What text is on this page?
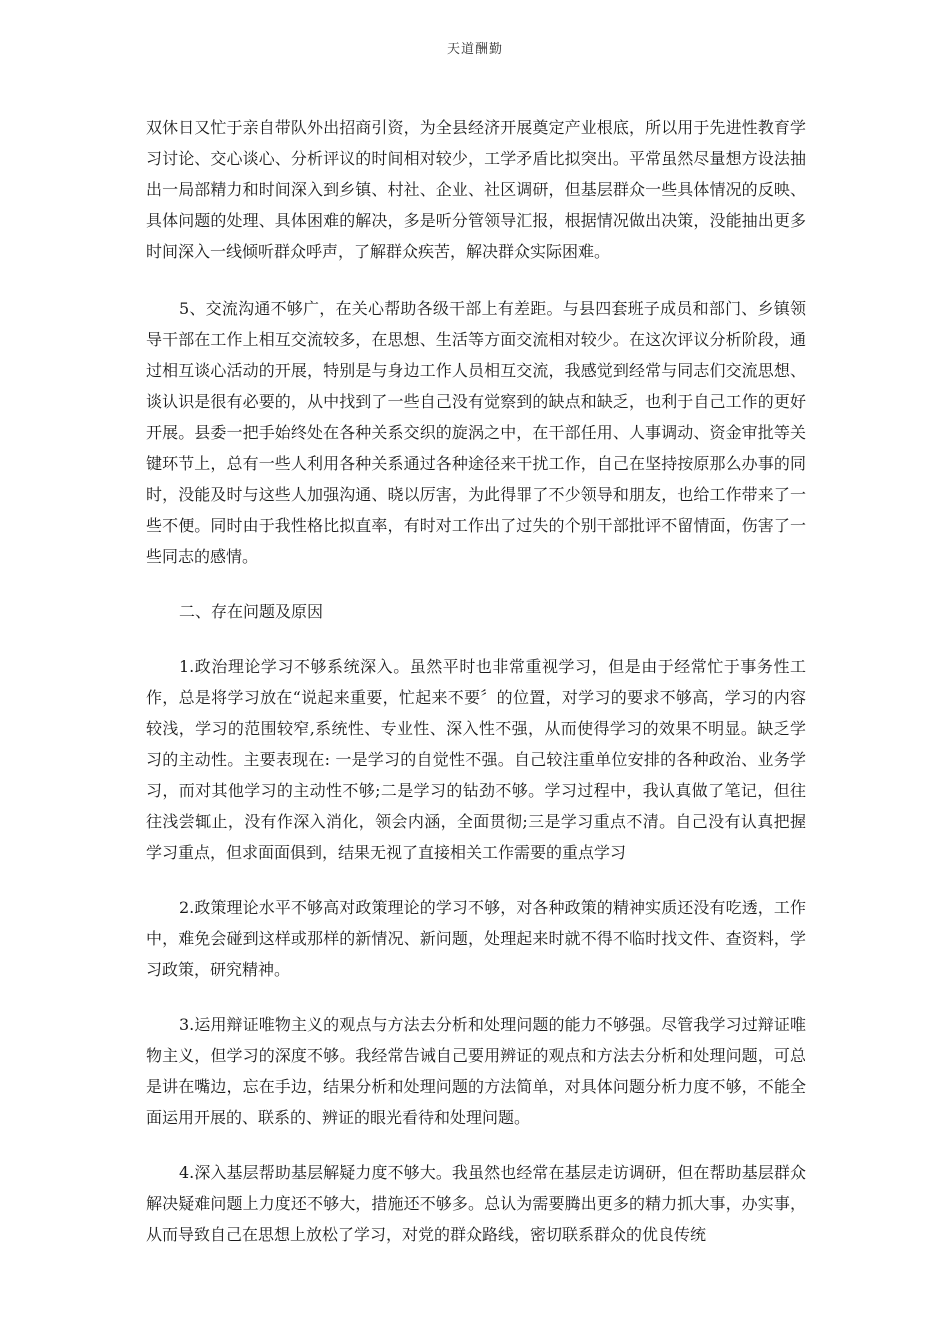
天道酬勤

双休日又忙于亲自带队外出招商引资，为全县经济开展奠定产业根底，所以用于先进性教育学习讨论、交心谈心、分析评议的时间相对较少，工学矛盾比拟突出。平常虽然尽量想方设法抽出一局部精力和时间深入到乡镇、村社、企业、社区调研，但基层群众一些具体情况的反映、具体问题的处理、具体困难的解决，多是听分管领导汇报，根据情况做出决策，没能抽出更多时间深入一线倾听群众呼声，了解群众疾苦，解决群众实际困难。

5、交流沟通不够广，在关心帮助各级干部上有差距。与县四套班子成员和部门、乡镇领导干部在工作上相互交流较多，在思想、生活等方面交流相对较少。在这次评议分析阶段，通过相互谈心活动的开展，特别是与身边工作人员相互交流，我感觉到经常与同志们交流思想、谈认识是很有必要的，从中找到了一些自己没有觉察到的缺点和缺乏，也利于自己工作的更好开展。县委一把手始终处在各种关系交织的旋涡之中，在干部任用、人事调动、资金审批等关键环节上，总有一些人利用各种关系通过各种途径来干扰工作，自己在坚持按原那么办事的同时，没能及时与这些人加强沟通、晓以厉害，为此得罪了不少领导和朋友，也给工作带来了一些不便。同时由于我性格比拟直率，有时对工作出了过失的个别干部批评不留情面，伤害了一些同志的感情。

二、存在问题及原因

1.政治理论学习不够系统深入。虽然平时也非常重视学习，但是由于经常忙于事务性工作，总是将学习放在“说起来重要，忙起来不要〞的位置，对学习的要求不够高，学习的内容较浅，学习的范围较窄,系统性、专业性、深入性不强，从而使得学习的效果不明显。缺乏学习的主动性。主要表现在: 一是学习的自觉性不强。自己较注重单位安排的各种政治、业务学习，而对其他学习的主动性不够;二是学习的钻劲不够。学习过程中，我认真做了笔记，但往往浅尝辄止，没有作深入消化，领会内涵，全面贯彻;三是学习重点不清。自己没有认真把握学习重点，但求面面俱到，结果无视了直接相关工作需要的重点学习

2.政策理论水平不够高对政策理论的学习不够，对各种政策的精神实质还没有吃透，工作中，难免会碰到这样或那样的新情况、新问题，处理起来时就不得不临时找文件、查资料，学习政策，研究精神。

3.运用辩证唯物主义的观点与方法去分析和处理问题的能力不够强。尽管我学习过辩证唯物主义，但学习的深度不够。我经常告诫自己要用辨证的观点和方法去分析和处理问题，可总是讲在嘴边，忘在手边，结果分析和处理问题的方法简单，对具体问题分析力度不够，不能全面运用开展的、联系的、辨证的眼光看待和处理问题。

4.深入基层帮助基层解疑力度不够大。我虽然也经常在基层走访调研，但在帮助基层群众解决疑难问题上力度还不够大，措施还不够多。总认为需要腾出更多的精力抓大事，办实事，从而导致自己在思想上放松了学习，对党的群众路线，密切联系群众的优良传统
